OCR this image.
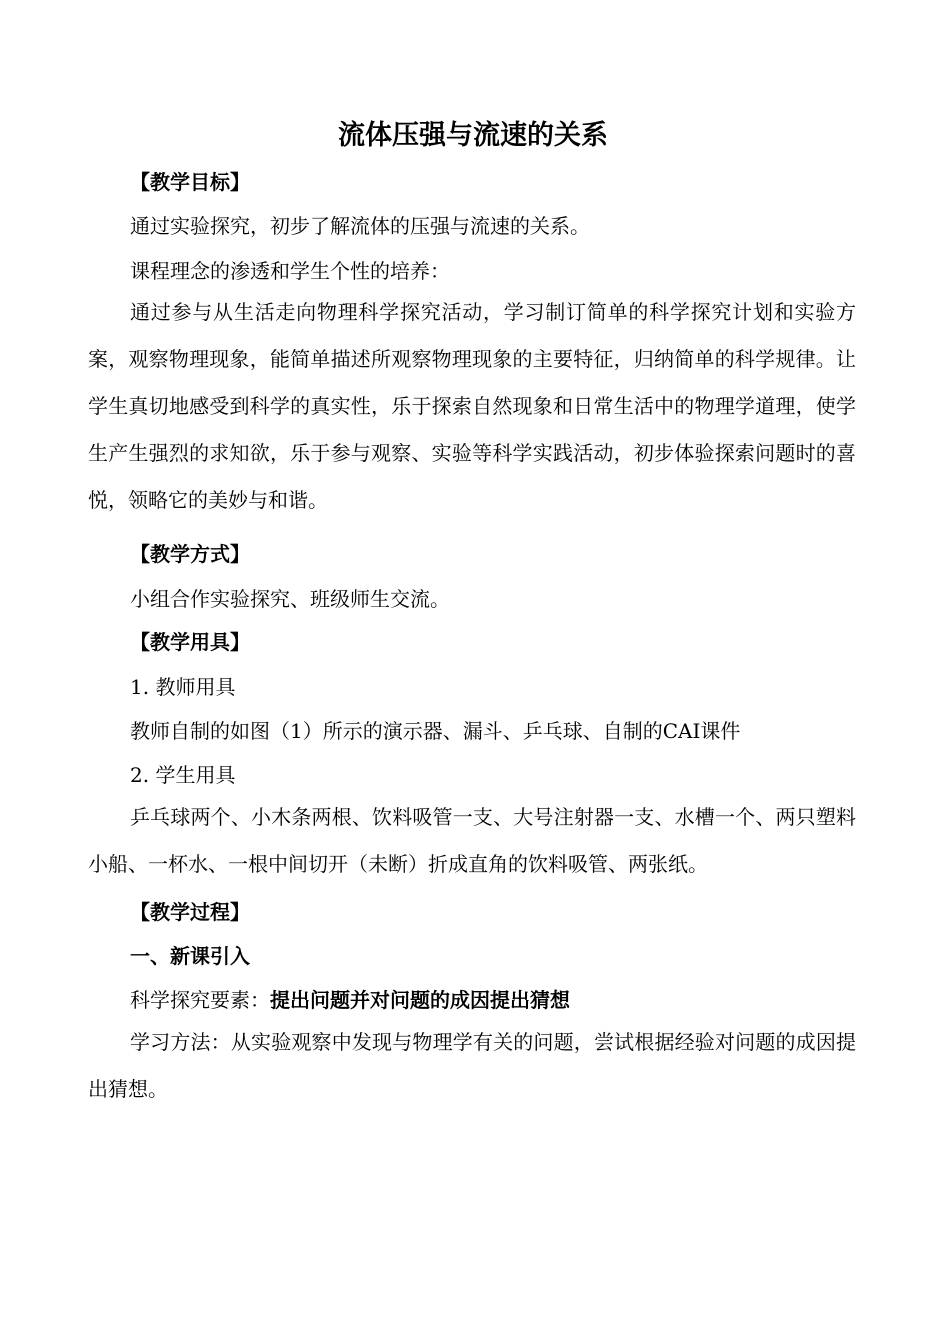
流体压强与流速的关系

【教学目标】

通过实验探究，初步了解流体的压强与流速的关系。

课程理念的渗透和学生个性的培养：

通过参与从生活走向物理科学探究活动，学习制订简单的科学探究计划和实验方案，观察物理现象，能简单描述所观察物理现象的主要特征，归纳简单的科学规律。让学生真切地感受到科学的真实性，乐于探索自然现象和日常生活中的物理学道理，使学生产生强烈的求知欲，乐于参与观察、实验等科学实践活动，初步体验探索问题时的喜悦，领略它的美妙与和谐。

【教学方式】

小组合作实验探究、班级师生交流。

【教学用具】

1. 教师用具

教师自制的如图（1）所示的演示器、漏斗、乒乓球、自制的CAI课件

2. 学生用具

乒乓球两个、小木条两根、饮料吸管一支、大号注射器一支、水槽一个、两只塑料小船、一杯水、一根中间切开（未断）折成直角的饮料吸管、两张纸。

【教学过程】

一、新课引入

科学探究要素：提出问题并对问题的成因提出猜想

学习方法：从实验观察中发现与物理学有关的问题，尝试根据经验对问题的成因提出猜想。
